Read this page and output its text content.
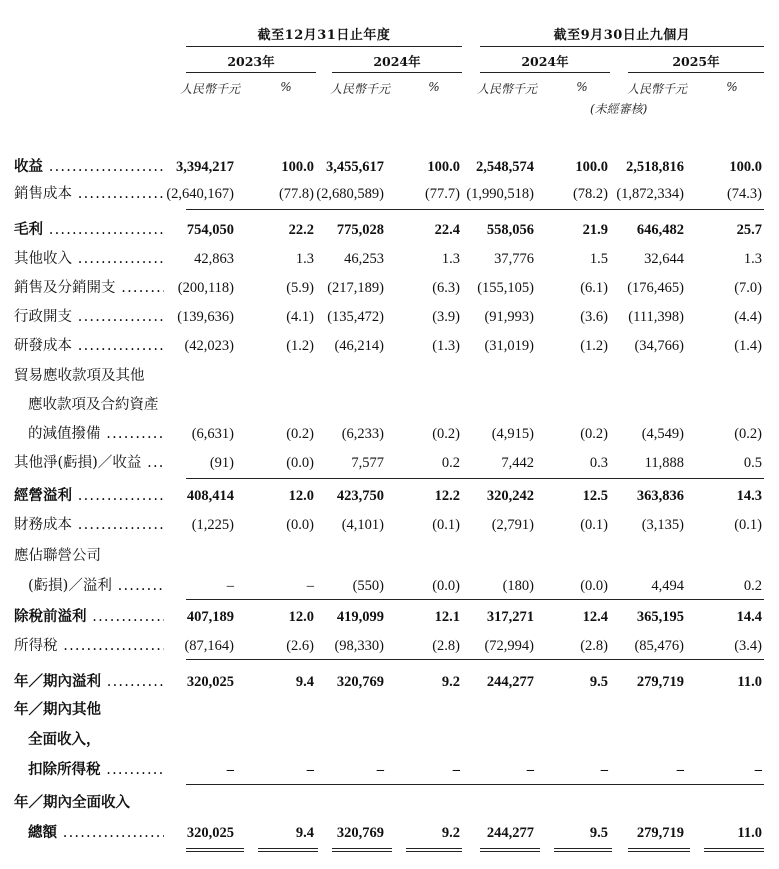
截至12月31日止年度	截至9月30日止九個月
2023年	2024年	2024年	2025年
人民幣千元	%	人民幣千元	%	人民幣千元	%	人民幣千元	%
(未經審核)
收益 .....	3,394,217	100.0 3,455,617	100.0 2,548,574	100.0 2,518,816	100.0
銷售成本 .....	(2,640,167)	(77.8) (2,680,589)	(77.7) (1,990,518)	(78.2) (1,872,334)	(74.3)
毛利 .....	754,050	22.2 775,028	22.4 558,056	21.9 646,482	25.7
其他收入 .....	42,863	1.3 46,253	1.3 37,776	1.5 32,644	1.3
銷售及分銷開支 .....	(200,118)	(5.9) (217,189)	(6.3) (155,105)	(6.1) (176,465)	(7.0)
行政開支 .....	(139,636)	(4.1) (135,472)	(3.9) (91,993)	(3.6) (111,398)	(4.4)
研發成本 .....	(42,023)	(1.2) (46,214)	(1.3) (31,019)	(1.2) (34,766)	(1.4)
貿易應收款項及其他
應收款項及合約資產
的減值撥備 .....	(6,631)	(0.2) (6,233)	(0.2) (4,915)	(0.2) (4,549)	(0.2)
其他淨(虧損)／收益 .....	(91)	(0.0)	7,577	0.2	7,442	0.3	11,888	0.5
經營溢利 .....	408,414	12.0 423,750	12.2 320,242	12.5 363,836	14.3
財務成本 .....	(1,225)	(0.0) (4,101)	(0.1) (2,791)	(0.1) (3,135)	(0.1)
應佔聯營公司
(虧損)／溢利 .....	–	–	(550)	(0.0)	(180)	(0.0)	4,494	0.2
除稅前溢利 .....	407,189	12.0 419,099	12.1 317,271	12.4 365,195	14.4
所得稅 .....	(87,164)	(2.6) (98,330)	(2.8) (72,994)	(2.8) (85,476)	(3.4)
年／期內溢利 .....	320,025	9.4 320,769	9.2 244,277	9.5 279,719	11.0
年／期內其他
全面收入，
扣除所得稅 .....	–	–	–	–	–	–	–	–
年／期內全面收入
總額 .....	320,025	9.4 320,769	9.2 244,277	9.5 279,719	11.0
